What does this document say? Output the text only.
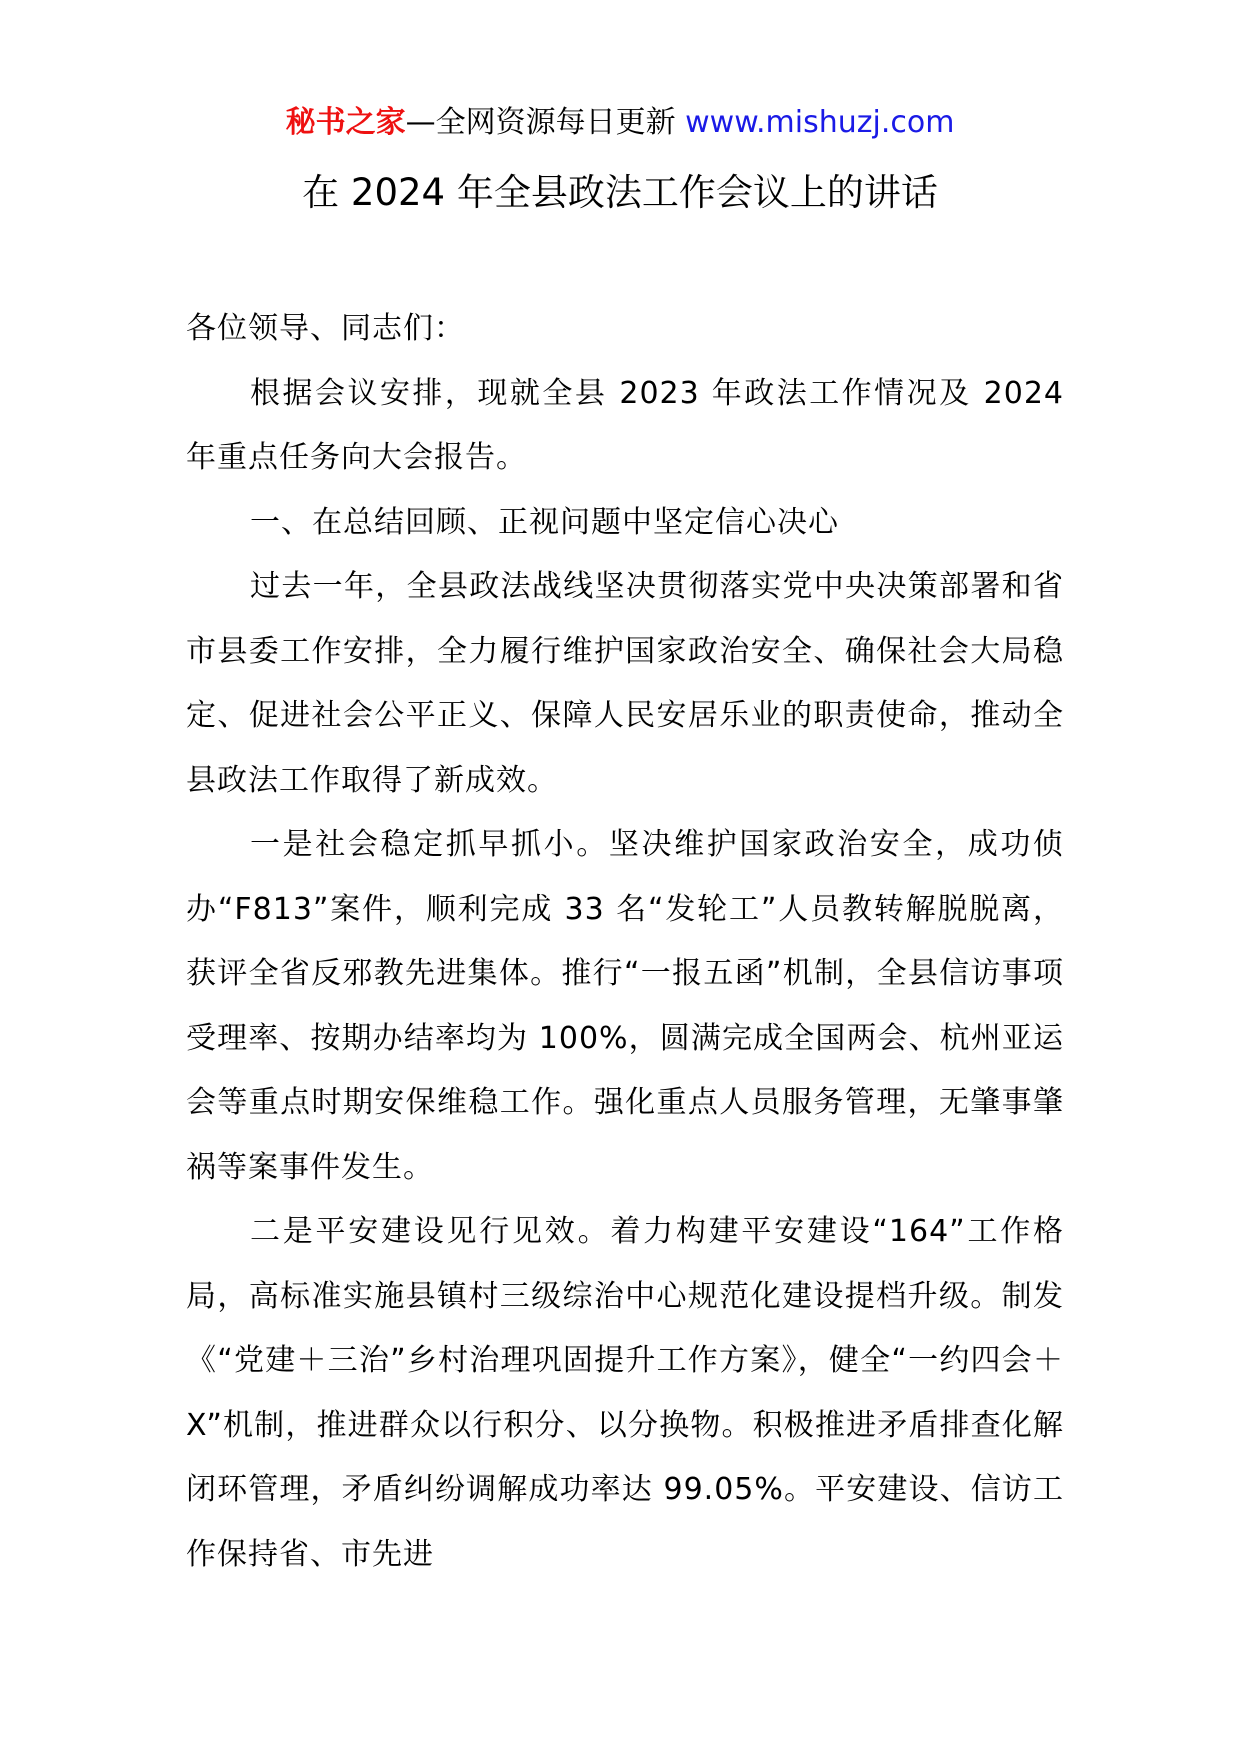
秘书之家—全网资源每日更新 www.mishuzj.com
在 2024 年全县政法工作会议上的讲话

各位领导、同志们：

根据会议安排，现就全县 2023 年政法工作情况及 2024 年重点任务向大会报告。

一、在总结回顾、正视问题中坚定信心决心

过去一年，全县政法战线坚决贯彻落实党中央决策部署和省市县委工作安排，全力履行维护国家政治安全、确保社会大局稳定、促进社会公平正义、保障人民安居乐业的职责使命，推动全县政法工作取得了新成效。

一是社会稳定抓早抓小。坚决维护国家政治安全，成功侦办“F813”案件，顺利完成 33 名“发轮工”人员教转解脱脱离，获评全省反邪教先进集体。推行“一报五函”机制，全县信访事项受理率、按期办结率均为 100%，圆满完成全国两会、杭州亚运会等重点时期安保维稳工作。强化重点人员服务管理，无肇事肇祸等案事件发生。

二是平安建设见行见效。着力构建平安建设“164”工作格局，高标准实施县镇村三级综治中心规范化建设提档升级。制发《“党建＋三治”乡村治理巩固提升工作方案》，健全“一约四会＋X”机制，推进群众以行积分、以分换物。积极推进矛盾排查化解闭环管理，矛盾纠纷调解成功率达 99.05%。平安建设、信访工作保持省、市先进
